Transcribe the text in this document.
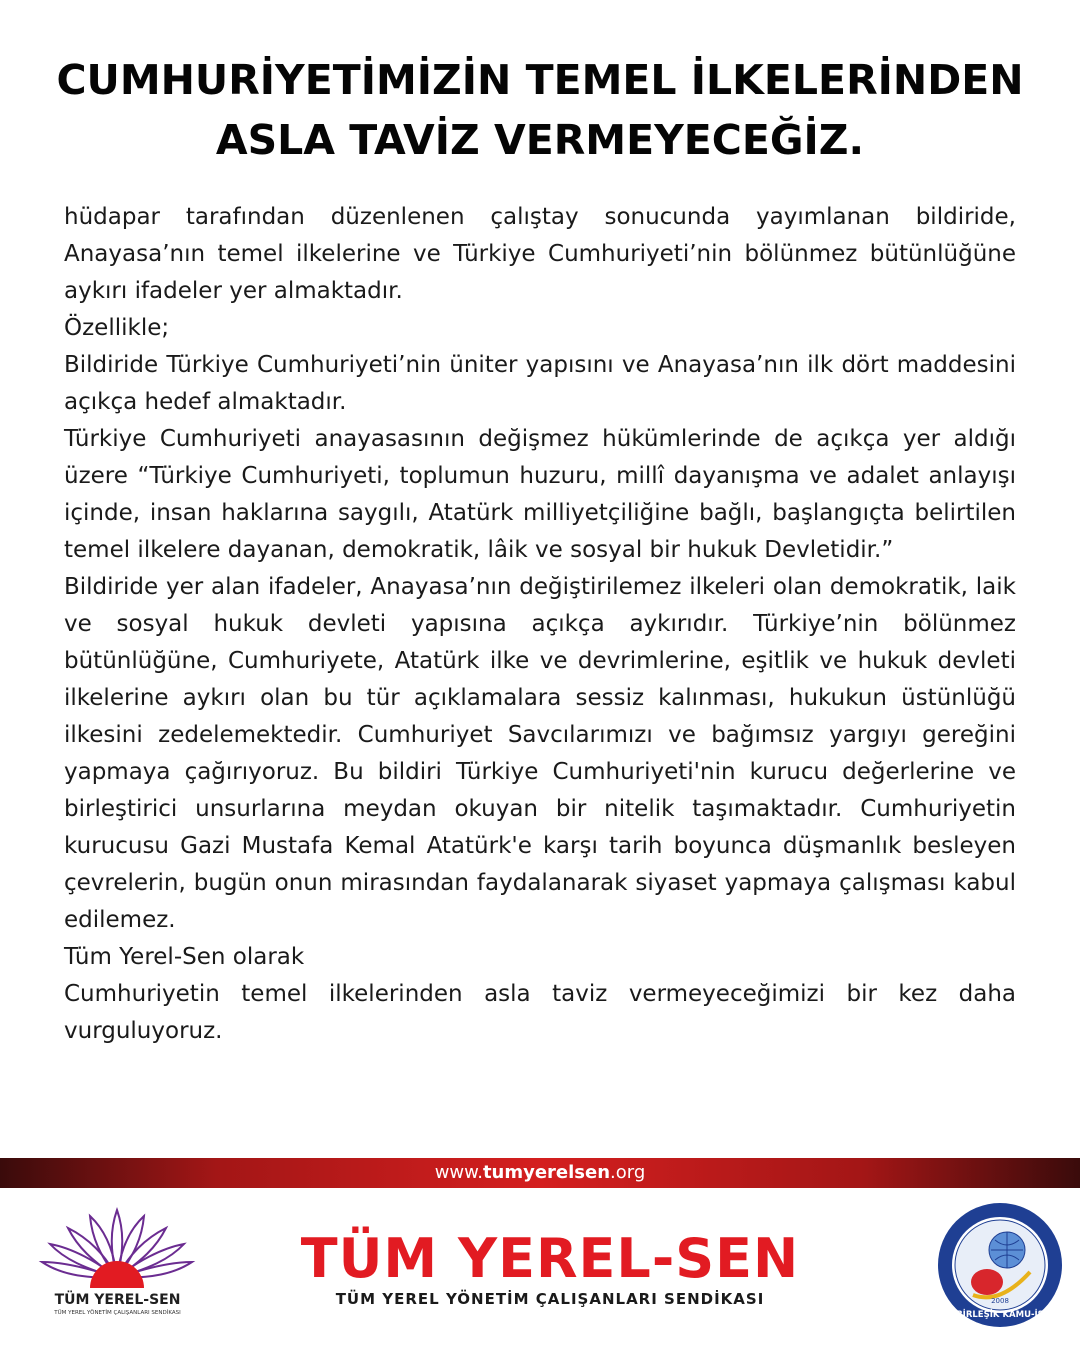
CUMHURİYETİMİZİN TEMEL İLKELERİNDEN
ASLA TAVİZ VERMEYECEĞİZ.

hüdapar tarafından düzenlenen çalıştay sonucunda yayımlanan bildiride, Anayasa’nın temel ilkelerine ve Türkiye Cumhuriyeti’nin bölünmez bütünlüğüne aykırı ifadeler yer almaktadır.

Özellikle;

Bildiride Türkiye Cumhuriyeti’nin üniter yapısını ve Anayasa’nın ilk dört maddesini açıkça hedef almaktadır.

Türkiye Cumhuriyeti anayasasının değişmez hükümlerinde de açıkça yer aldığı üzere “Türkiye Cumhuriyeti, toplumun huzuru, millî dayanışma ve adalet anlayışı içinde, insan haklarına saygılı, Atatürk milliyetçiliğine bağlı, başlangıçta belirtilen temel ilkelere dayanan, demokratik, lâik ve sosyal bir hukuk Devletidir.”

Bildiride yer alan ifadeler, Anayasa’nın değiştirilemez ilkeleri olan demokratik, laik ve sosyal hukuk devleti yapısına açıkça aykırıdır. Türkiye’nin bölünmez bütünlüğüne, Cumhuriyete, Atatürk ilke ve devrimlerine, eşitlik ve hukuk devleti ilkelerine aykırı olan bu tür açıklamalara sessiz kalınması, hukukun üstünlüğü ilkesini zedelemektedir. Cumhuriyet Savcılarımızı ve bağımsız yargıyı gereğini yapmaya çağırıyoruz. Bu bildiri Türkiye Cumhuriyeti'nin kurucu değerlerine ve birleştirici unsurlarına meydan okuyan bir nitelik taşımaktadır. Cumhuriyetin kurucusu Gazi Mustafa Kemal Atatürk'e karşı tarih boyunca düşmanlık besleyen çevrelerin, bugün onun mirasından faydalanarak siyaset yapmaya çalışması kabul edilemez.

Tüm Yerel-Sen olarak

Cumhuriyetin temel ilkelerinden asla taviz vermeyeceğimizi bir kez daha vurguluyoruz.

www.tumyerelsen.org
TÜM YEREL-SEN
TÜM YEREL YÖNETİM ÇALIŞANLARI SENDİKASI
TÜM YEREL-SEN
TÜM YEREL YÖNETİM ÇALIŞANLARI SENDİKASI	2008
BİRLEŞİK KAMU-İŞ
